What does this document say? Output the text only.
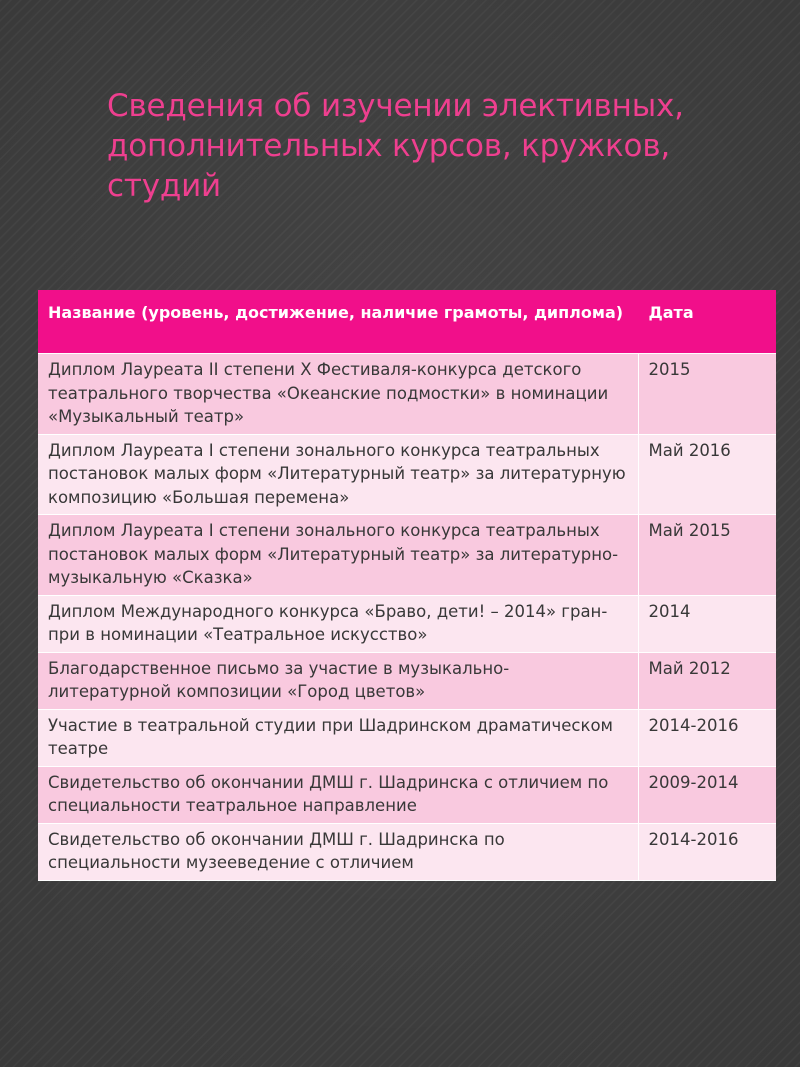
Сведения об изучении элективных, дополнительных курсов, кружков, студий
Название (уровень, достижение, наличие грамоты, диплома)	Дата
Диплом Лауреата II степени X Фестиваля-конкурса детского театрального творчества «Океанские подмостки» в номинации «Музыкальный театр»	2015
Диплом Лауреата I степени зонального конкурса театральных постановок малых форм «Литературный театр» за литературную композицию «Большая перемена»	Май 2016
Диплом Лауреата I степени зонального конкурса театральных постановок малых форм «Литературный театр» за литературно-музыкальную «Сказка»	Май 2015
Диплом Международного конкурса «Браво, дети! – 2014» гран-при в номинации «Театральное искусство»	2014
Благодарственное письмо за участие в музыкально-литературной композиции «Город цветов»	Май 2012
Участие в театральной студии при Шадринском драматическом театре	2014-2016
Свидетельство об окончании ДМШ г. Шадринска с отличием по специальности театральное направление	2009-2014
Свидетельство об окончании ДМШ г. Шадринска по специальности музееведение с отличием	2014-2016
